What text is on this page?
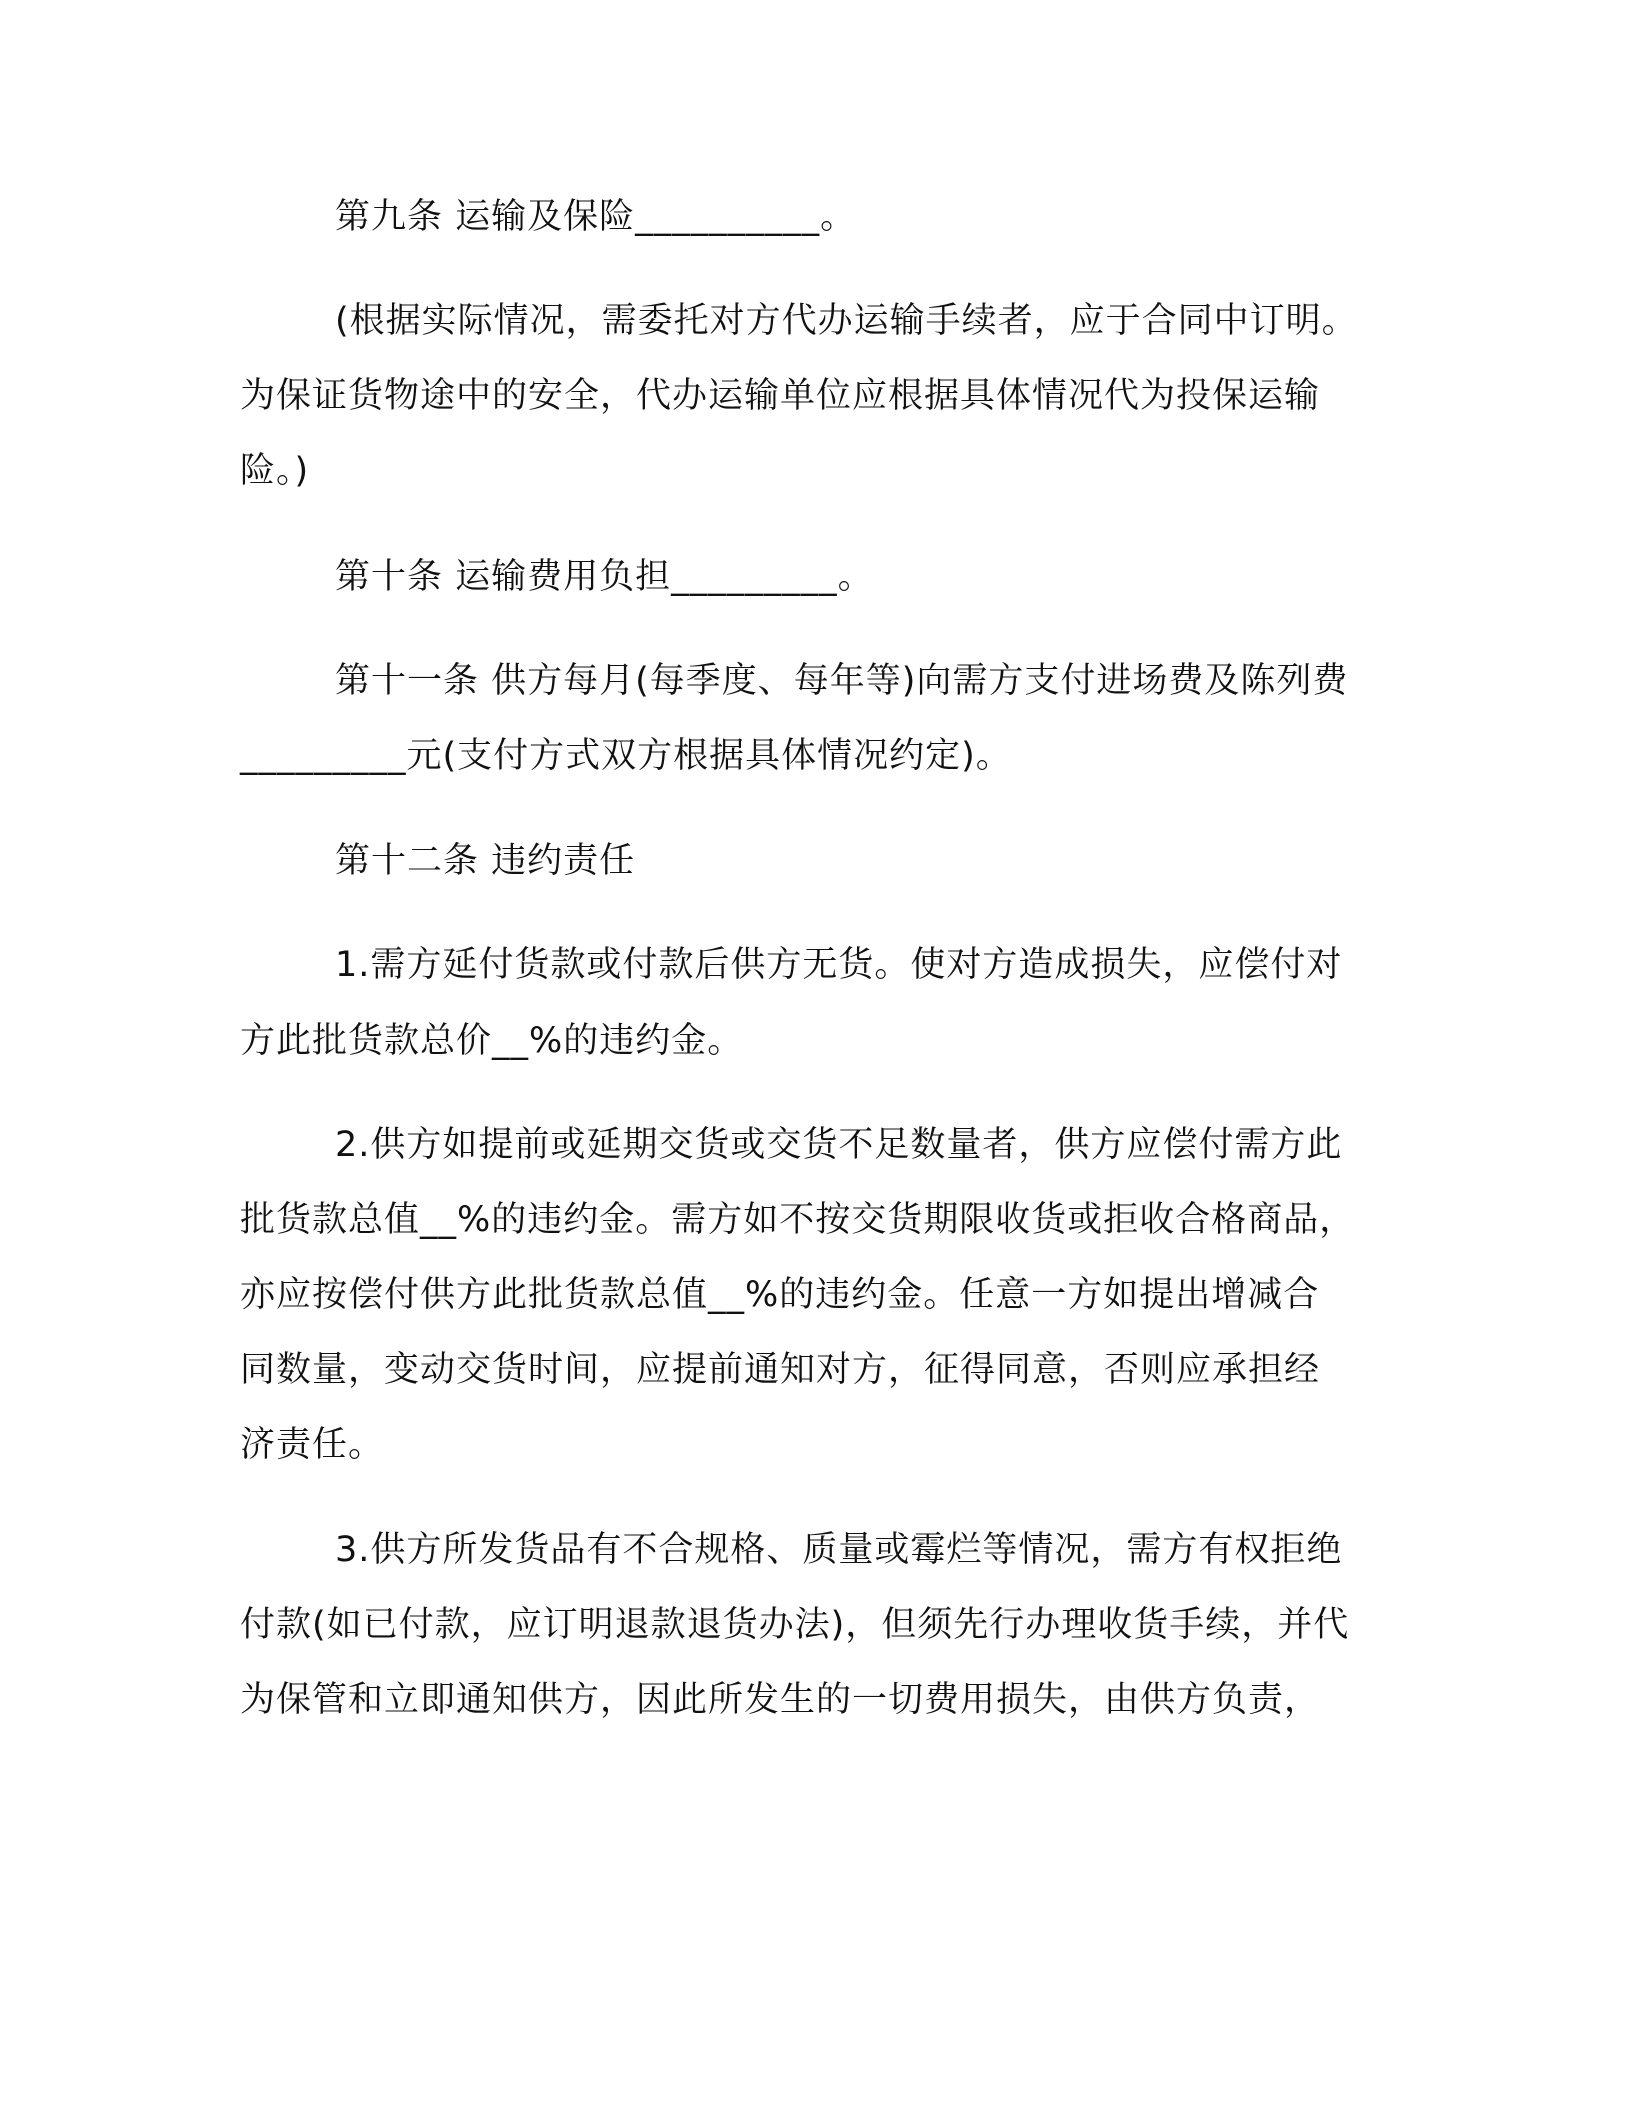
第九条 运输及保险__________。
(根据实际情况，需委托对方代办运输手续者，应于合同中订明。
为保证货物途中的安全，代办运输单位应根据具体情况代为投保运输
险。)
第十条 运输费用负担_________。
第十一条 供方每月(每季度、每年等)向需方支付进场费及陈列费
_________元(支付方式双方根据具体情况约定)。
第十二条 违约责任
1.需方延付货款或付款后供方无货。使对方造成损失，应偿付对
方此批货款总价__%的违约金。
2.供方如提前或延期交货或交货不足数量者，供方应偿付需方此
批货款总值__%的违约金。需方如不按交货期限收货或拒收合格商品，
亦应按偿付供方此批货款总值__%的违约金。任意一方如提出增减合
同数量，变动交货时间，应提前通知对方，征得同意，否则应承担经
济责任。
3.供方所发货品有不合规格、质量或霉烂等情况，需方有权拒绝
付款(如已付款，应订明退款退货办法)，但须先行办理收货手续，并代
为保管和立即通知供方，因此所发生的一切费用损失，由供方负责，
